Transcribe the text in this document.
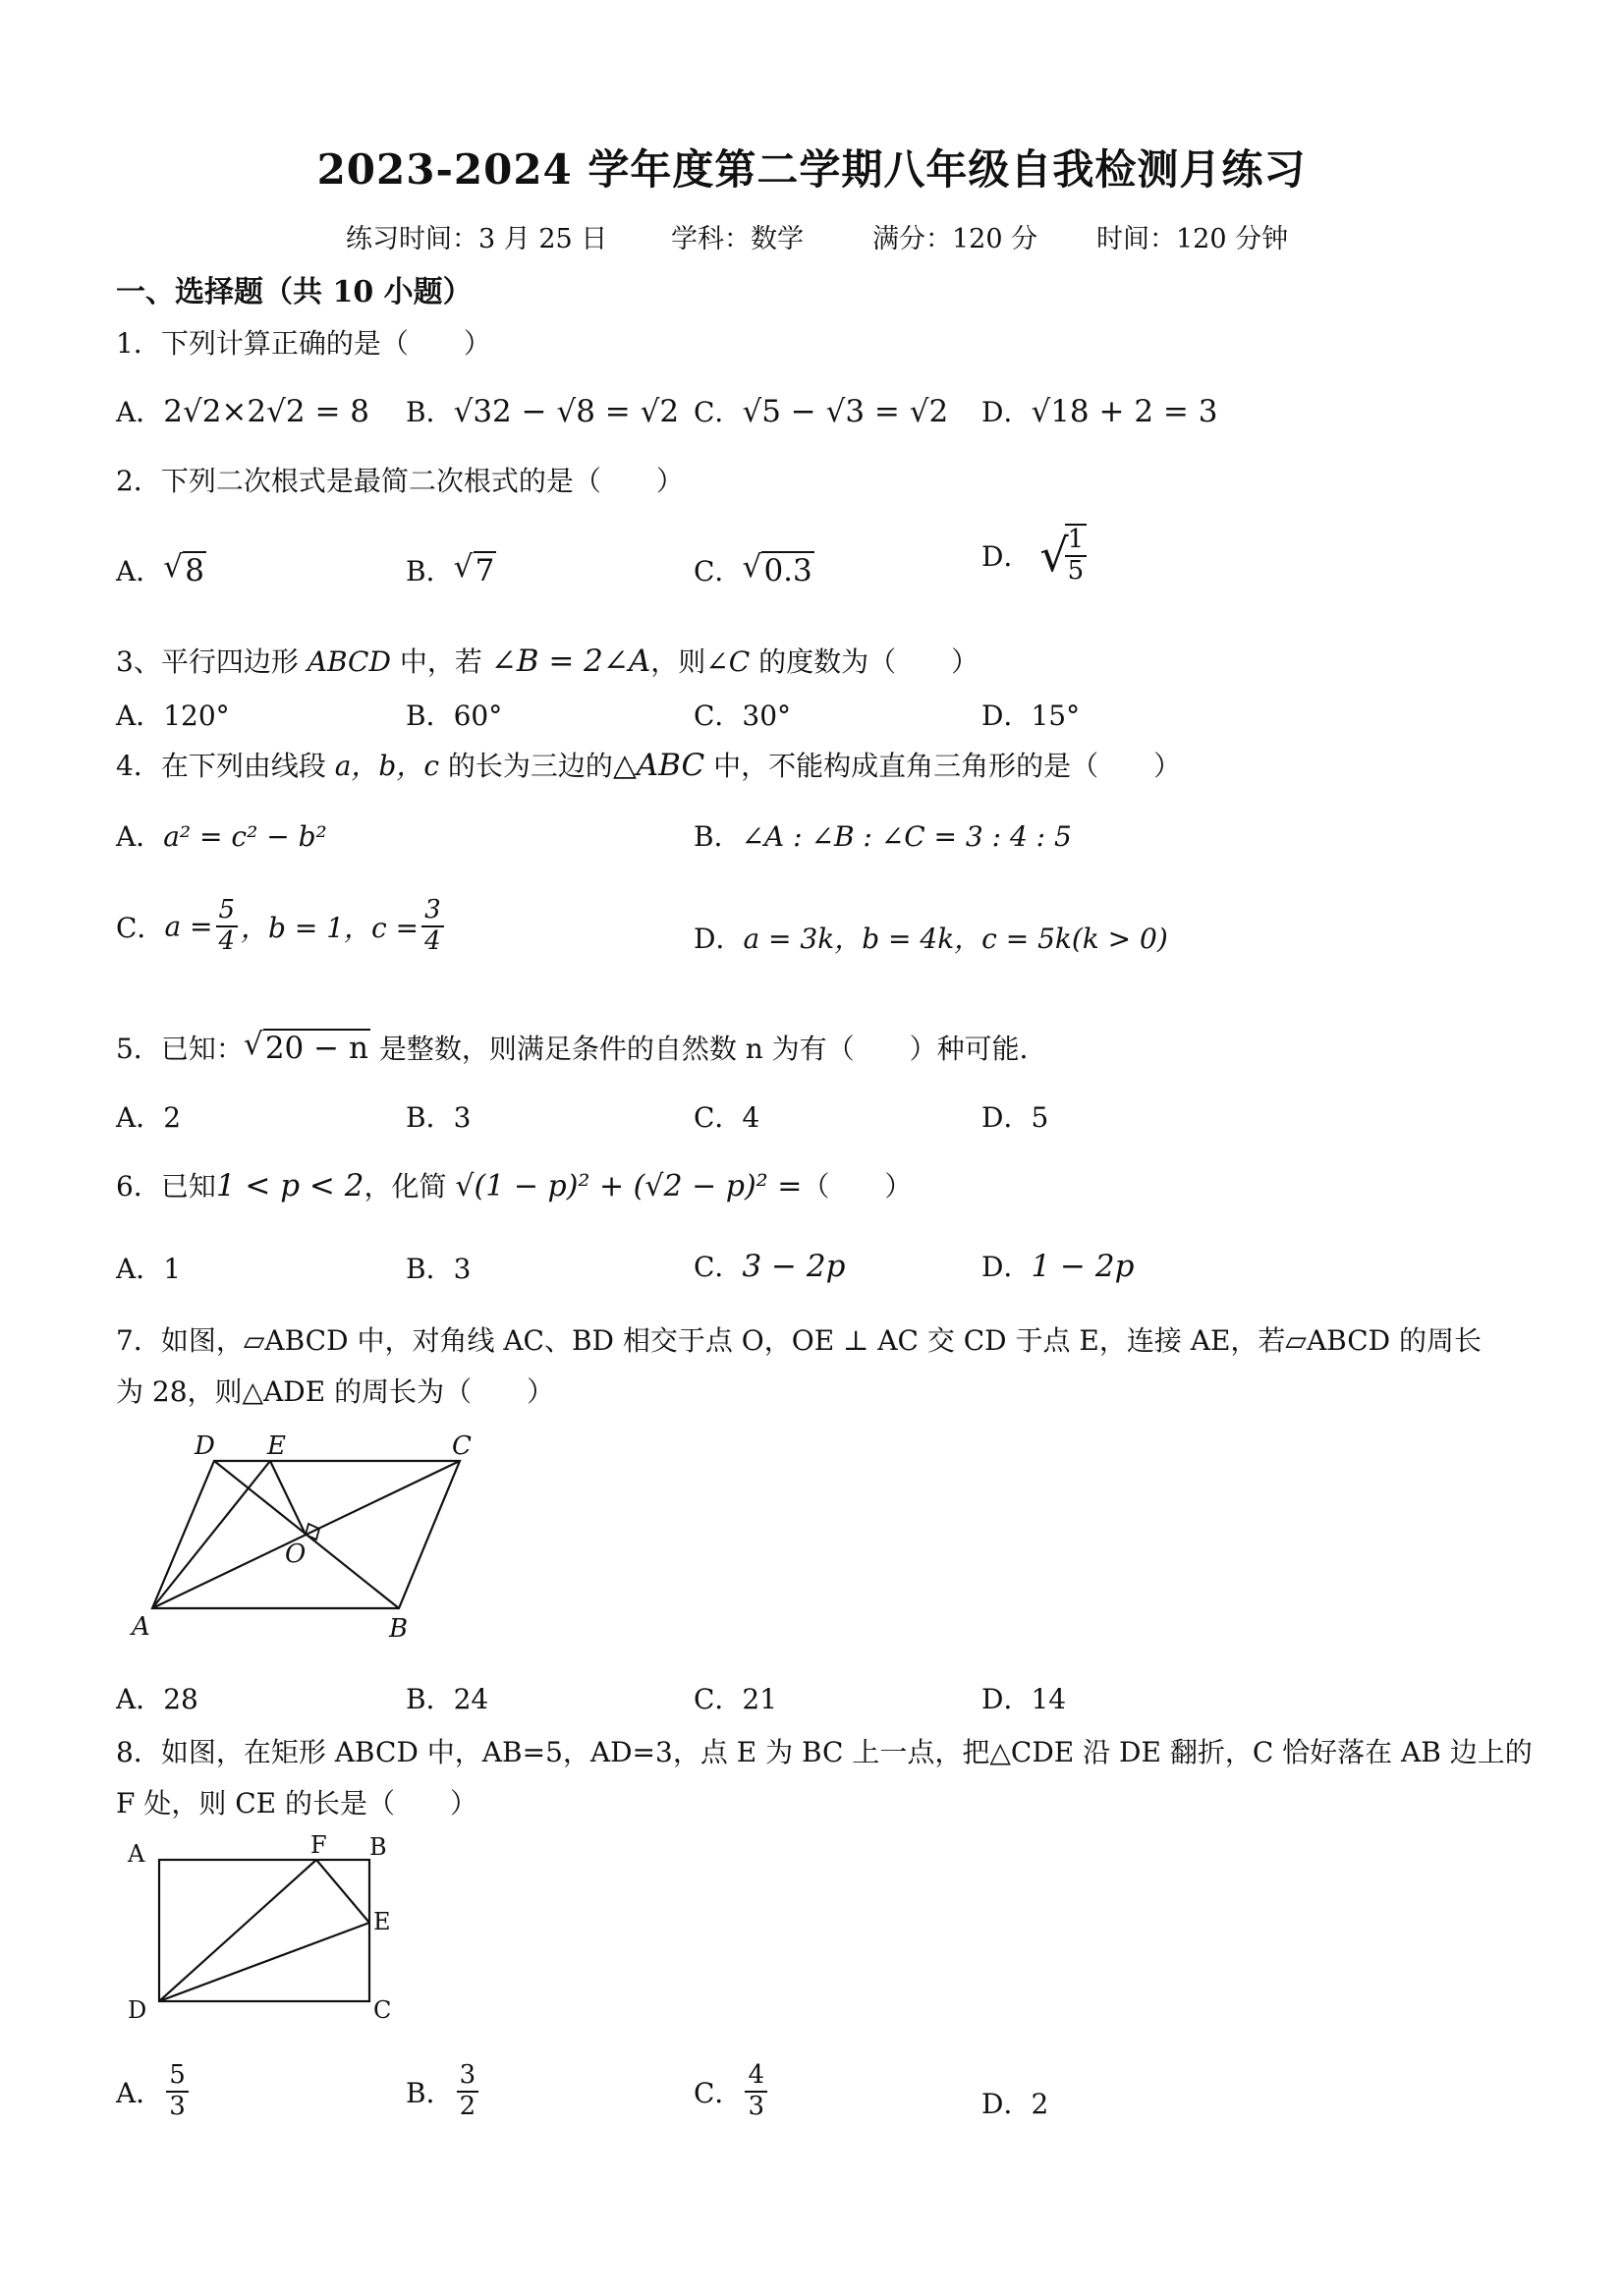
2023-2024 学年度第二学期八年级自我检测月练习
练习时间：3 月 25 日 学科：数学	满分：120 分 时间：120 分钟
一、选择题（共 10 小题）
1．下列计算正确的是（　　）
A．2√2×2√2 = 8 B．√32 − √8 = √2 C．√5 − √3 = √2 D．√18 + 2 = 3
2．下列二次根式是最简二次根式的是（　　）
A． √ 8	B． √ 7	C． √ 0.3	D． √
$\frac{1}{5}$
3、平行四边形 ABCD 中，若 ∠B = 2∠A，则∠C 的度数为（　　）
A．120°	B．60°	C．30°	D．15°
4．在下列由线段 a，b，c 的长为三边的△ABC 中，不能构成直角三角形的是（　　）
A．a² = c² − b²	B．∠A : ∠B : ∠C = 3 : 4 : 5
C．$a = \frac{5}{4}$ ，b = 1，$c = \frac{3}{4}$	D．a = 3k，b = 4k，c = 5k(k > 0)
5．已知： √ 20 − n 是整数，则满足条件的自然数 n 为有（　　）种可能．
A．2	B．3	C．4	D．5
6．已知1 < p < 2，化简 √(1 − p)² + (√2 − p)² =（　　）
A．1	B．3	C．3 − 2p	D．1 − 2p
7．如图，▱ABCD 中，对角线 AC、BD 相交于点 O，OE ⊥ AC 交 CD 于点 E，连接 AE，若▱ABCD 的周长
为 28，则△ADE 的周长为（　　）
D E	C
O
A	B
A．28	B．24	C．21	D．14
8．如图，在矩形 ABCD 中，AB=5，AD=3，点 E 为 BC 上一点，把△CDE 沿 DE 翻折，C 恰好落在 AB 边上的
F 处，则 CE 的长是（　　）
A	F B
E
D	C
A． $\frac{5}{3}$	B． $\frac{3}{2}$	C． $\frac{4}{3}$	D．2
